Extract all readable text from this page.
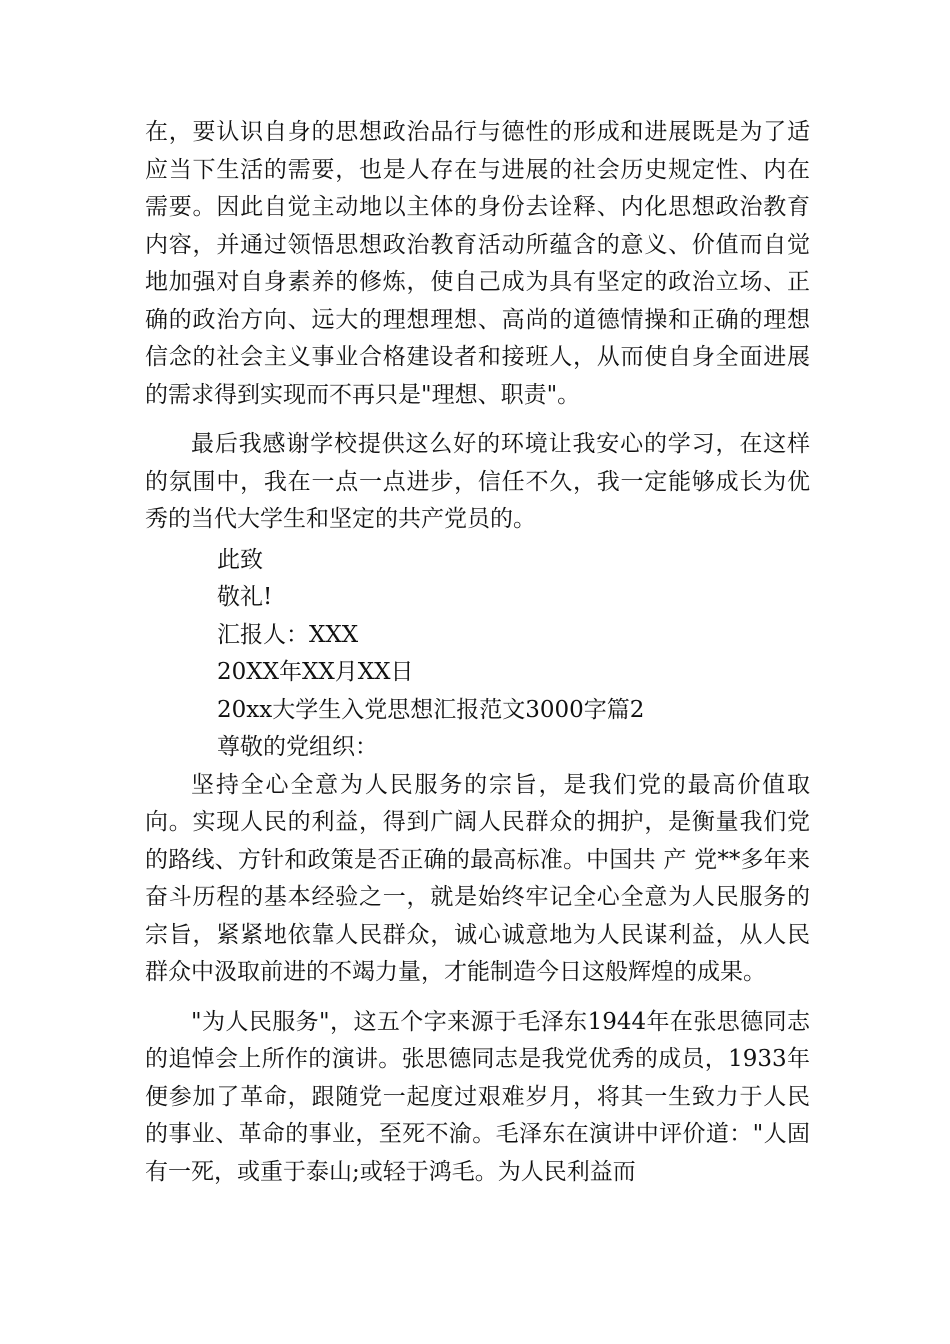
在，要认识自身的思想政治品行与德性的形成和进展既是为了适应当下生活的需要，也是人存在与进展的社会历史规定性、内在需要。因此自觉主动地以主体的身份去诠释、内化思想政治教育内容，并通过领悟思想政治教育活动所蕴含的意义、价值而自觉地加强对自身素养的修炼，使自己成为具有坚定的政治立场、正确的政治方向、远大的理想理想、高尚的道德情操和正确的理想信念的社会主义事业合格建设者和接班人，从而使自身全面进展的需求得到实现而不再只是"理想、职责"。

最后我感谢学校提供这么好的环境让我安心的学习，在这样的氛围中，我在一点一点进步，信任不久，我一定能够成长为优秀的当代大学生和坚定的共产党员的。

此致

敬礼!

汇报人：XXX

20XX年XX月XX日

20xx大学生入党思想汇报范文3000字篇2

尊敬的党组织：

坚持全心全意为人民服务的宗旨，是我们党的最高价值取向。实现人民的利益，得到广阔人民群众的拥护，是衡量我们党的路线、方针和政策是否正确的最高标准。中国共 产 党**多年来奋斗历程的基本经验之一，就是始终牢记全心全意为人民服务的宗旨，紧紧地依靠人民群众，诚心诚意地为人民谋利益，从人民群众中汲取前进的不竭力量，才能制造今日这般辉煌的成果。

"为人民服务"，这五个字来源于毛泽东1944年在张思德同志的追悼会上所作的演讲。张思德同志是我党优秀的成员，1933年便参加了革命，跟随党一起度过艰难岁月，将其一生致力于人民的事业、革命的事业，至死不渝。毛泽东在演讲中评价道："人固有一死，或重于泰山;或轻于鸿毛。为人民利益而
